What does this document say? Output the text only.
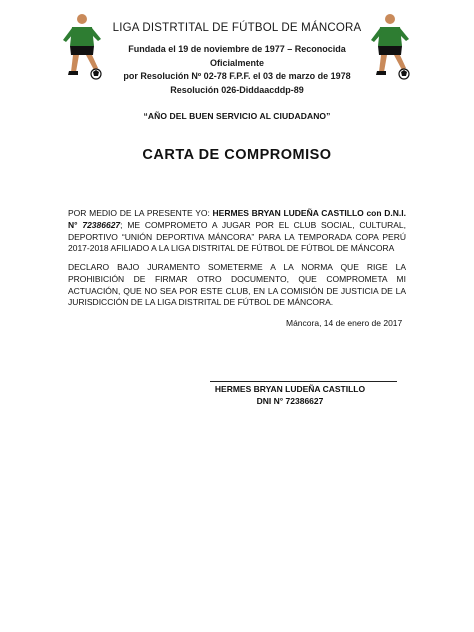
LIGA DISTRTITAL DE FÚTBOL DE MÁNCORA
Fundada el 19 de noviembre de 1977 – Reconocida Oficialmente
por Resolución Nº 02-78 F.P.F. el 03 de marzo de 1978
Resolución 026-Diddaacddp-89
“AÑO DEL BUEN SERVICIO AL CIUDADANO”
CARTA DE COMPROMISO
POR MEDIO DE LA PRESENTE YO: HERMES BRYAN LUDEÑA CASTILLO con D.N.I. N° 72386627; ME COMPROMETO A JUGAR POR EL CLUB SOCIAL, CULTURAL, DEPORTIVO “UNIÓN DEPORTIVA MÁNCORA” PARA LA TEMPORADA COPA PERÚ 2017-2018 AFILIADO A LA LIGA DISTRITAL DE FÚTBOL DE FÚTBOL DE MÁNCORA
DECLARO BAJO JURAMENTO SOMETERME A LA NORMA QUE RIGE LA PROHIBICIÓN DE FIRMAR OTRO DOCUMENTO, QUE COMPROMETA MI ACTUACIÓN, QUE NO SEA POR ESTE CLUB, EN LA COMISIÓN DE JUSTICIA DE LA JURISDICCIÓN DE LA LIGA DISTRITAL DE FÚTBOL DE MÁNCORA.
Máncora, 14 de enero de 2017
HERMES BRYAN LUDEÑA CASTILLO
DNI N° 72386627
